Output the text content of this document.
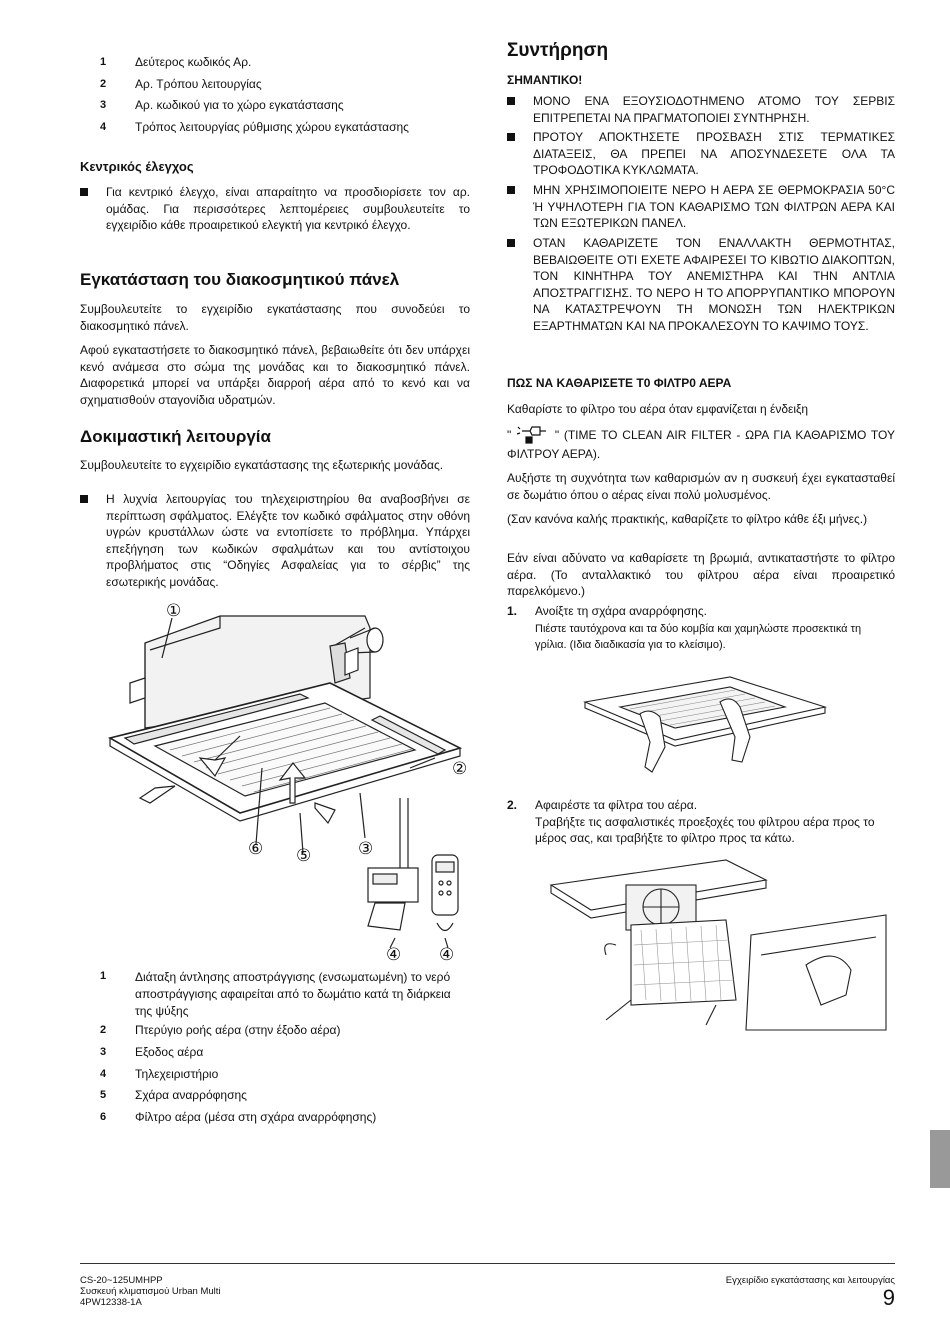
1	Δεύτερος κωδικός Αρ.
2	Αρ. Τρόπου λειτουργίας
3	Αρ. κωδικού για το χώρο εγκατάστασης
4	Τρόπος λειτουργίας ρύθμισης χώρου εγκατάστασης
Κεντρικός έλεγχος
Για κεντρικό έλεγχο, είναι απαραίτητο να προσδιορίσετε τον αρ. ομάδας. Για περισσότερες λεπτομέρειες συμβουλευτείτε το εγχειρίδιο κάθε προαιρετικού ελεγκτή για κεντρικό έλεγχο.
Εγκατάσταση του διακοσμητικού πάνελ

Συμβουλευτείτε το εγχειρίδιο εγκατάστασης που συνοδεύει το διακοσμητικό πάνελ.

Αφού εγκαταστήσετε το διακοσμητικό πάνελ, βεβαιωθείτε ότι δεν υπάρχει κενό ανάμεσα στο σώμα της μονάδας και το διακοσμητικό πάνελ. Διαφορετικά μπορεί να υπάρξει διαρροή αέρα από το κενό και να σχηματισθούν σταγονίδια υδρατμών.

Δοκιμαστική λειτουργία

Συμβουλευτείτε το εγχειρίδιο εγκατάστασης της εξωτερικής μονάδας.

Η λυχνία λειτουργίας του τηλεχειριστηρίου θα αναβοσβήνει σε περίπτωση σφάλματος. Ελέγξτε τον κωδικό σφάλματος στην οθόνη υγρών κρυστάλλων ώστε να εντοπίσετε το πρόβλημα. Υπάρχει επεξήγηση των κωδικών σφαλμάτων και του αντίστοιχου προβλήματος στις “Οδηγίες Ασφαλείας για το σέρβις” της εσωτερικής μονάδας.
1	Διάταξη άντλησης αποστράγγισης (ενσωματωμένη) το νερό αποστράγγισης αφαιρείται από το δωμάτιο κατά τη διάρκεια της ψύξης
2	Πτερύγιο ροής αέρα (στην έξοδο αέρα)
3	Εξοδος αέρα
4	Τηλεχειριστήριο
5	Σχάρα αναρρόφησης
6	Φίλτρο αέρα (μέσα στη σχάρα αναρρόφησης)
①
②
③
④ ④
⑤
⑥
Συντήρηση
ΣΗΜΑΝΤΙΚΟ!
ΜΟΝΟ ΕΝΑ ΕΞΟΥΣΙΟΔΟΤΗΜΕΝΟ ΑΤΟΜΟ ΤΟΥ ΣΕΡΒΙΣ ΕΠΙΤΡΕΠΕΤΑΙ ΝΑ ΠΡΑΓΜΑΤΟΠΟΙΕΙ ΣΥΝΤΗΡΗΣΗ.
ΠΡΟΤΟΥ ΑΠΟΚΤΗΣΕΤΕ ΠΡΟΣΒΑΣΗ ΣΤΙΣ ΤΕΡΜΑΤΙΚΕΣ ΔΙΑΤΑΞΕΙΣ, ΘΑ ΠΡΕΠΕΙ ΝΑ ΑΠΟΣΥΝΔΕΣΕΤΕ ΟΛΑ ΤΑ ΤΡΟΦΟΔΟΤΙΚΑ ΚΥΚΛΩΜΑΤΑ.
ΜΗΝ ΧΡΗΣΙΜΟΠΟΙΕΙΤΕ ΝΕΡΟ Η ΑΕΡΑ ΣΕ ΘΕΡΜΟΚΡΑΣΙΑ 50°C Ή ΥΨΗΛΟΤΕΡΗ ΓΙΑ ΤΟΝ ΚΑΘΑΡΙΣΜΟ ΤΩΝ ΦΙΛΤΡΩΝ ΑΕΡΑ ΚΑΙ ΤΩΝ ΕΞΩΤΕΡΙΚΩΝ ΠΑΝΕΛ.
ΟΤΑΝ ΚΑΘΑΡΙΖΕΤΕ ΤΟΝ ΕΝΑΛΛΑΚΤΗ ΘΕΡΜΟΤΗΤΑΣ, ΒΕΒΑΙΩΘΕΙΤΕ ΟΤΙ ΕΧΕΤΕ ΑΦΑΙΡΕΣΕΙ ΤΟ ΚΙΒΩΤΙΟ ΔΙΑΚΟΠΤΩΝ, ΤΟΝ ΚΙΝΗΤΗΡΑ ΤΟΥ ΑΝΕΜΙΣΤΗΡΑ ΚΑΙ ΤΗΝ ΑΝΤΛΙΑ ΑΠΟΣΤΡΑΓΓΙΣΗΣ. ΤΟ ΝΕΡΟ Η ΤΟ ΑΠΟΡΡΥΠΑΝΤΙΚΟ ΜΠΟΡΟΥΝ ΝΑ ΚΑΤΑΣΤΡΕΨΟΥΝ ΤΗ ΜΟΝΩΣΗ ΤΩΝ ΗΛΕΚΤΡΙΚΩΝ ΕΞΑΡΤΗΜΑΤΩΝ ΚΑΙ ΝΑ ΠΡΟΚΑΛΕΣΟΥΝ ΤΟ ΚΑΨΙΜΟ ΤΟΥΣ.
ΠΩΣ ΝΑ ΚΑΘΑΡΙΣΕΤΕ Τ0 ΦΙΛΤΡ0 ΑΕΡΑ

Καθαρίστε το φίλτρο του αέρα όταν εμφανίζεται η ένδειξη

"	" (TIME TO CLEAN AIR FILTER - ΩΡΑ ΓΙΑ ΚΑΘΑΡΙΣΜΟ ΤΟΥ ΦΙΛΤΡΟΥ ΑΕΡΑ).

Αυξήστε τη συχνότητα των καθαρισμών αν η συσκευή έχει εγκατασταθεί σε δωμάτιο όπου ο αέρας είναι πολύ μολυσμένος.

(Σαν κανόνα καλής πρακτικής, καθαρίζετε το φίλτρο κάθε έξι μήνες.)

Εάν είναι αδύνατο να καθαρίσετε τη βρωμιά, αντικαταστήστε το φίλτρο αέρα. (Το ανταλλακτικό του φίλτρου αέρα είναι προαιρετικό παρελκόμενο.)

1. Ανοίξτε τη σχάρα αναρρόφησης.
Πιέστε ταυτόχρονα και τα δύο κομβία και χαμηλώστε προσεκτικά τη γρίλια. (Ιδια διαδικασία για το κλείσιμο).
2. Αφαιρέστε τα φίλτρα του αέρα.
Τραβήξτε τις ασφαλιστικές προεξοχές του φίλτρου αέρα προς το μέρος σας, και τραβήξτε το φίλτρο προς τα κάτω.
CS-20~125UMHPP
Συσκευή κλιματισμού Urban Multi
4PW12338-1A
Εγχειρίδιο εγκατάστασης και λειτουργίας
9
